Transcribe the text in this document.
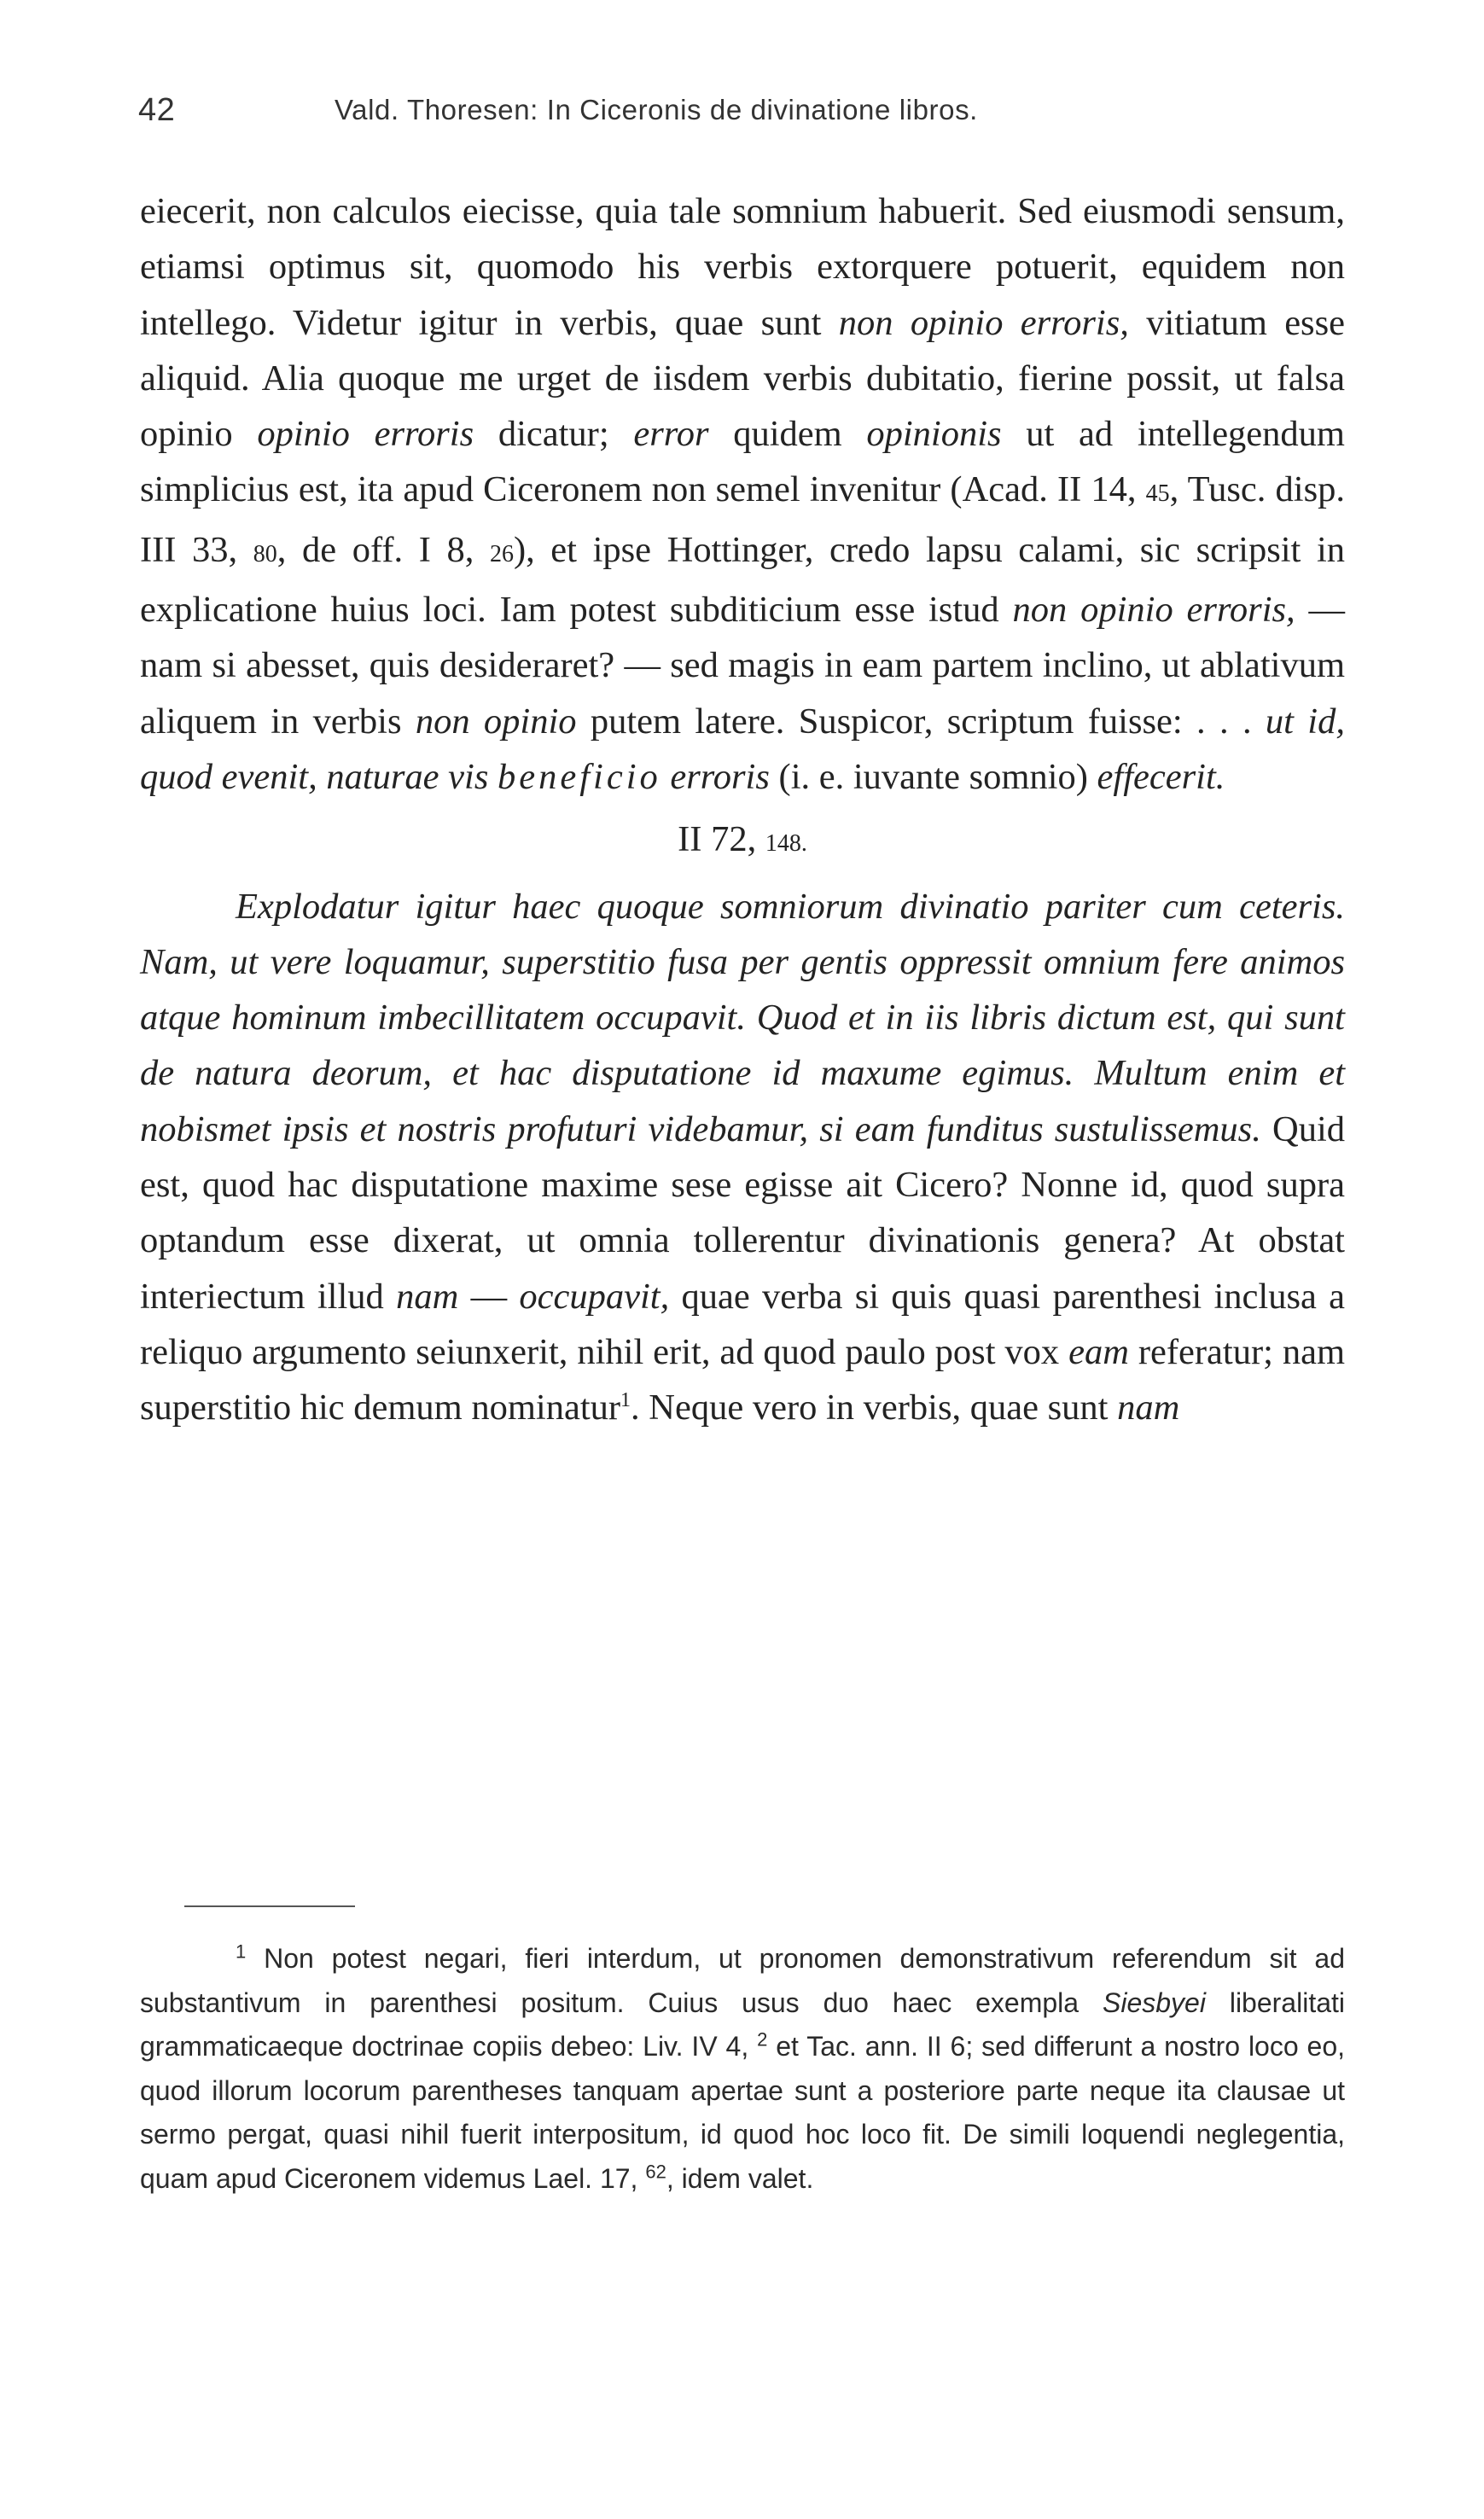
42	Vald. Thoresen: In Ciceronis de divinatione libros.

eiecerit, non calculos eiecisse, quia tale somnium habuerit. Sed eiusmodi sensum, etiamsi optimus sit, quomodo his verbis extorquere potuerit, equidem non intellego. Videtur igitur in verbis, quae sunt non opinio erroris, vitiatum esse aliquid. Alia quoque me urget de iisdem verbis dubitatio, fierine possit, ut falsa opinio opinio erroris dicatur; error quidem opinionis ut ad intellegendum simplicius est, ita apud Ciceronem non semel invenitur (Acad. II 14, 45, Tusc. disp. III 33, 80, de off. I 8, 26), et ipse Hottinger, credo lapsu calami, sic scripsit in explicatione huius loci. Iam potest subditicium esse istud non opinio erroris, — nam si abesset, quis desideraret? — sed magis in eam partem inclino, ut ablativum aliquem in verbis non opinio putem latere. Suspicor, scriptum fuisse: . . . ut id, quod evenit, naturae vis beneficio erroris (i. e. iuvante somnio) effecerit.

II 72, 148.

Explodatur igitur haec quoque somniorum divinatio pariter cum ceteris. Nam, ut vere loquamur, superstitio fusa per gentis oppressit omnium fere animos atque hominum imbecillitatem occupavit. Quod et in iis libris dictum est, qui sunt de natura deorum, et hac disputatione id maxume egimus. Multum enim et nobismet ipsis et nostris profuturi videbamur, si eam funditus sustulissemus. Quid est, quod hac disputatione maxime sese egisse ait Cicero? Nonne id, quod supra optandum esse dixerat, ut omnia tollerentur divinationis genera? At obstat interiectum illud nam — occupavit, quae verba si quis quasi parenthesi inclusa a reliquo argumento seiunxerit, nihil erit, ad quod paulo post vox eam referatur; nam superstitio hic demum nominatur$^1$. Neque vero in verbis, quae sunt nam

$^1$ Non potest negari, fieri interdum, ut pronomen demonstrativum referendum sit ad substantivum in parenthesi positum. Cuius usus duo haec exempla Siesbyei liberalitati grammaticaeque doctrinae copiis debeo: Liv. IV 4, $^2$ et Tac. ann. II 6; sed differunt a nostro loco eo, quod illorum locorum parentheses tanquam apertae sunt a posteriore parte neque ita clausae ut sermo pergat, quasi nihil fuerit interpositum, id quod hoc loco fit. De simili loquendi neglegentia, quam apud Ciceronem videmus Lael. 17, $^{62}$, idem valet.
